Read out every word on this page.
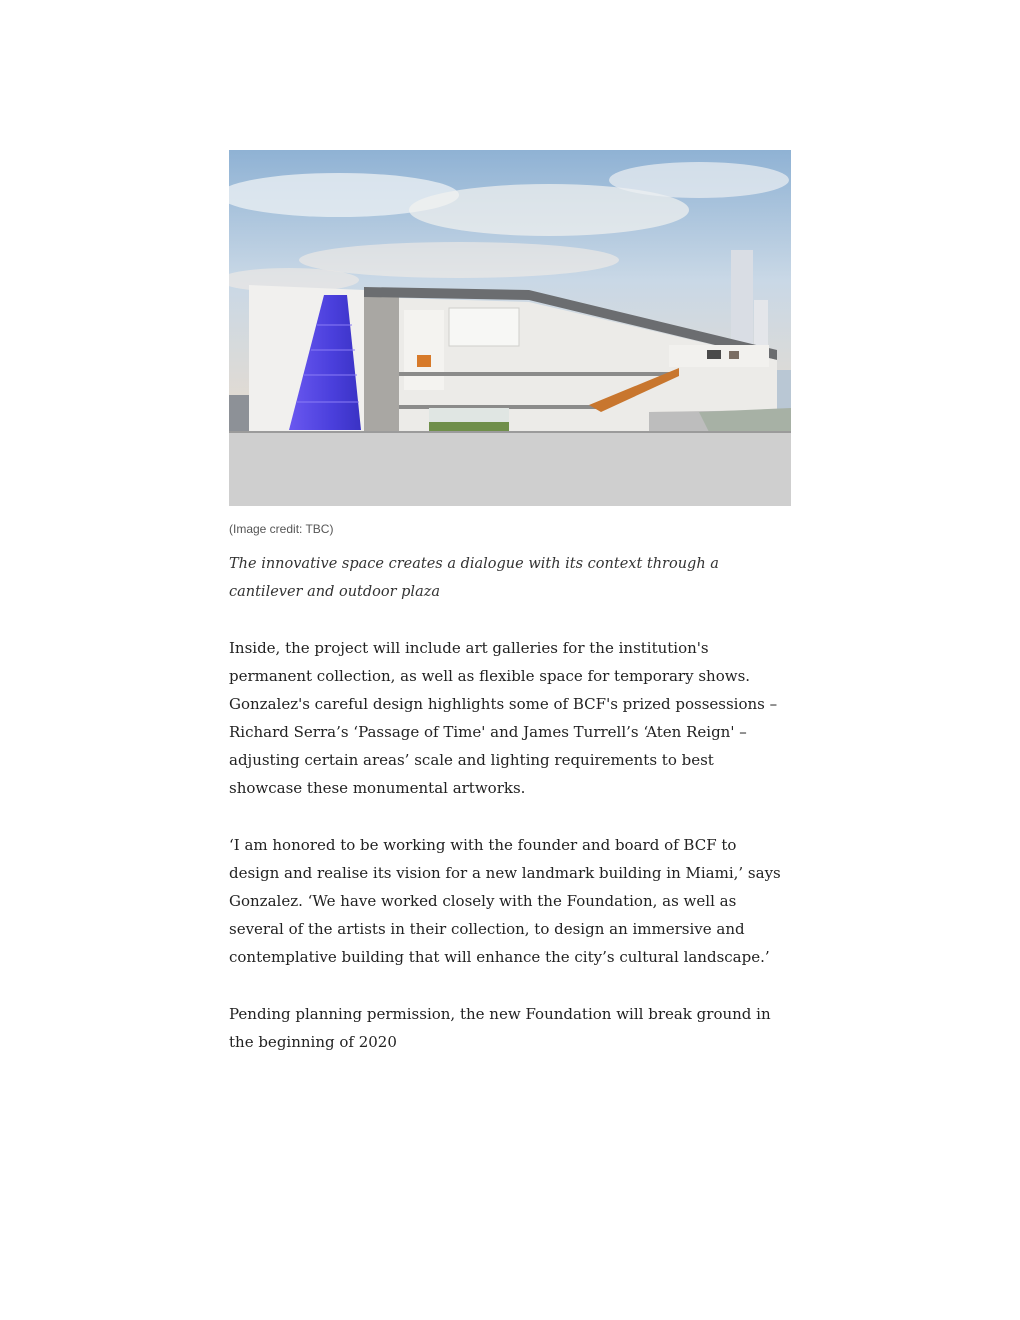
(Image credit: TBC)
The innovative space creates a dialogue with its context through a cantilever and outdoor plaza

Inside, the project will include art galleries for the institution's permanent collection, as well as flexible space for temporary shows. Gonzalez's careful design highlights some of BCF's prized possessions – Richard Serra’s ‘Passage of Time' and James Turrell’s ‘Aten Reign' – adjusting certain areas’ scale and lighting requirements to best showcase these monumental artworks.

‘I am honored to be working with the founder and board of BCF to design and realise its vision for a new landmark building in Miami,’ says Gonzalez. ‘We have worked closely with the Foundation, as well as several of the artists in their collection, to design an immersive and contemplative building that will enhance the city’s cultural landscape.’

Pending planning permission, the new Foundation will break ground in the beginning of 2020
